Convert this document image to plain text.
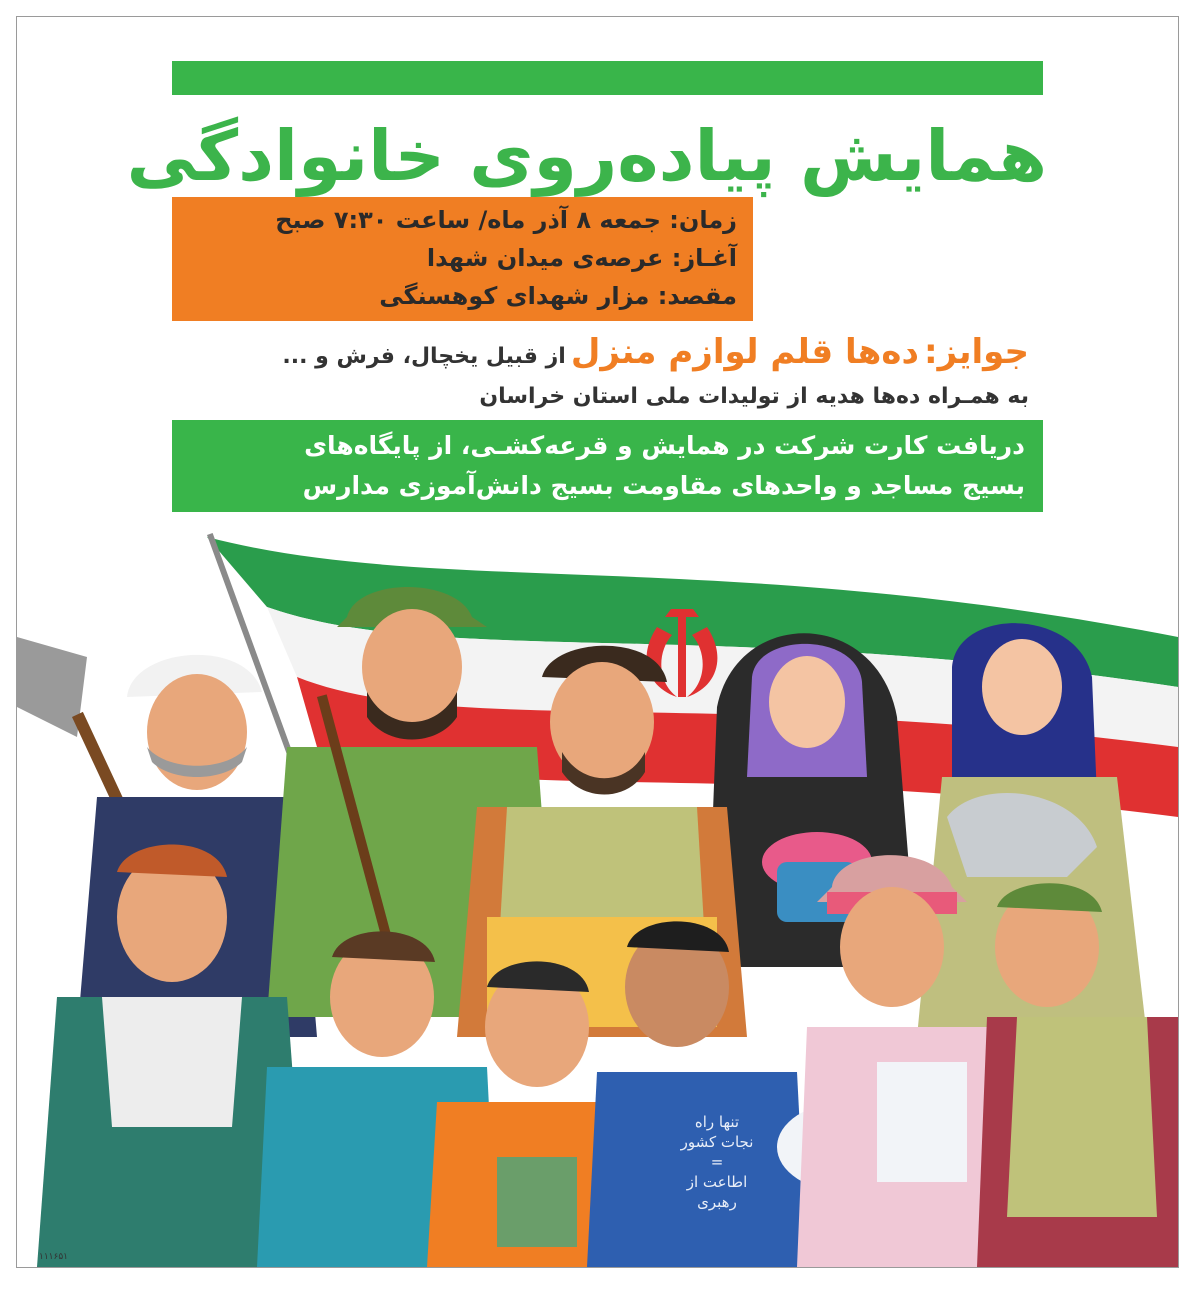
همایش پیاده‌روی خانوادگی
زمان: جمعه ۸ آذر ماه/ ساعت ۷:۳۰ صبح
آغـاز: عرصه‌ی میدان شهدا
مقصد: مزار شهدای کوهسنگی
جوایز: ده‌ها قلم لوازم منزل از قبیل یخچال، فرش و ...
به همـراه ده‌ها هدیه از تولیدات ملی استان خراسان
دریافت کارت شرکت در همایش و قرعه‌کشـی، از پایگاه‌های
بسیج مساجد و واحدهای مقاومت بسیج دانش‌آموزی مدارس
تنها راه
نجات کشور
=
اطاعت از
رهبری
۱۱۱۶۵۱
